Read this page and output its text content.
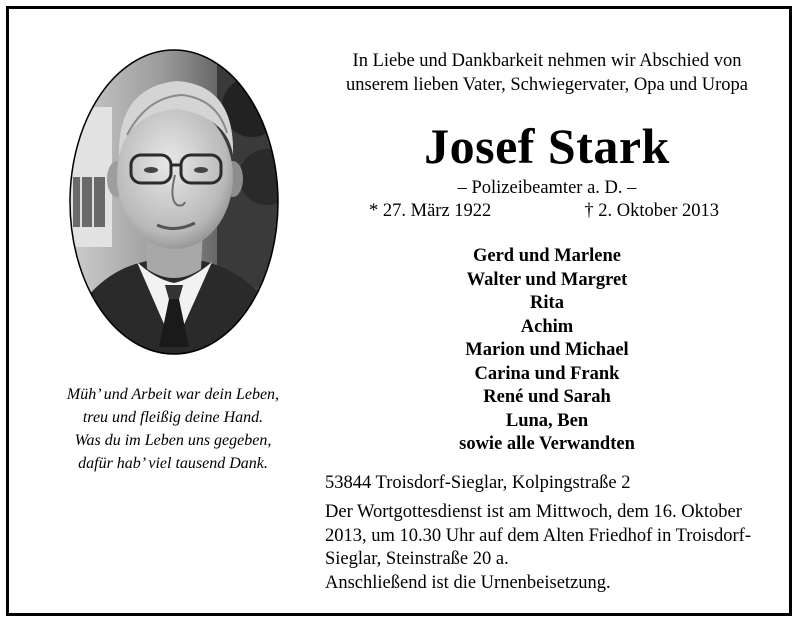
Müh’ und Arbeit war dein Leben,
treu und fleißig deine Hand.
Was du im Leben uns gegeben,
dafür hab’ viel tausend Dank.
In Liebe und Dankbarkeit nehmen wir Abschied von
unserem lieben Vater, Schwiegervater, Opa und Uropa
Josef Stark
– Polizeibeamter a. D. –
* 27. März 1922	† 2. Oktober 2013
Gerd und Marlene
Walter und Margret
Rita
Achim
Marion und Michael
Carina und Frank
René und Sarah
Luna, Ben
sowie alle Verwandten
53844 Troisdorf-Sieglar, Kolpingstraße 2
Der Wortgottesdienst ist am Mittwoch, dem 16. Oktober
2013, um 10.30 Uhr auf dem Alten Friedhof in Troisdorf-
Sieglar, Steinstraße 20 a.
Anschließend ist die Urnenbeisetzung.
